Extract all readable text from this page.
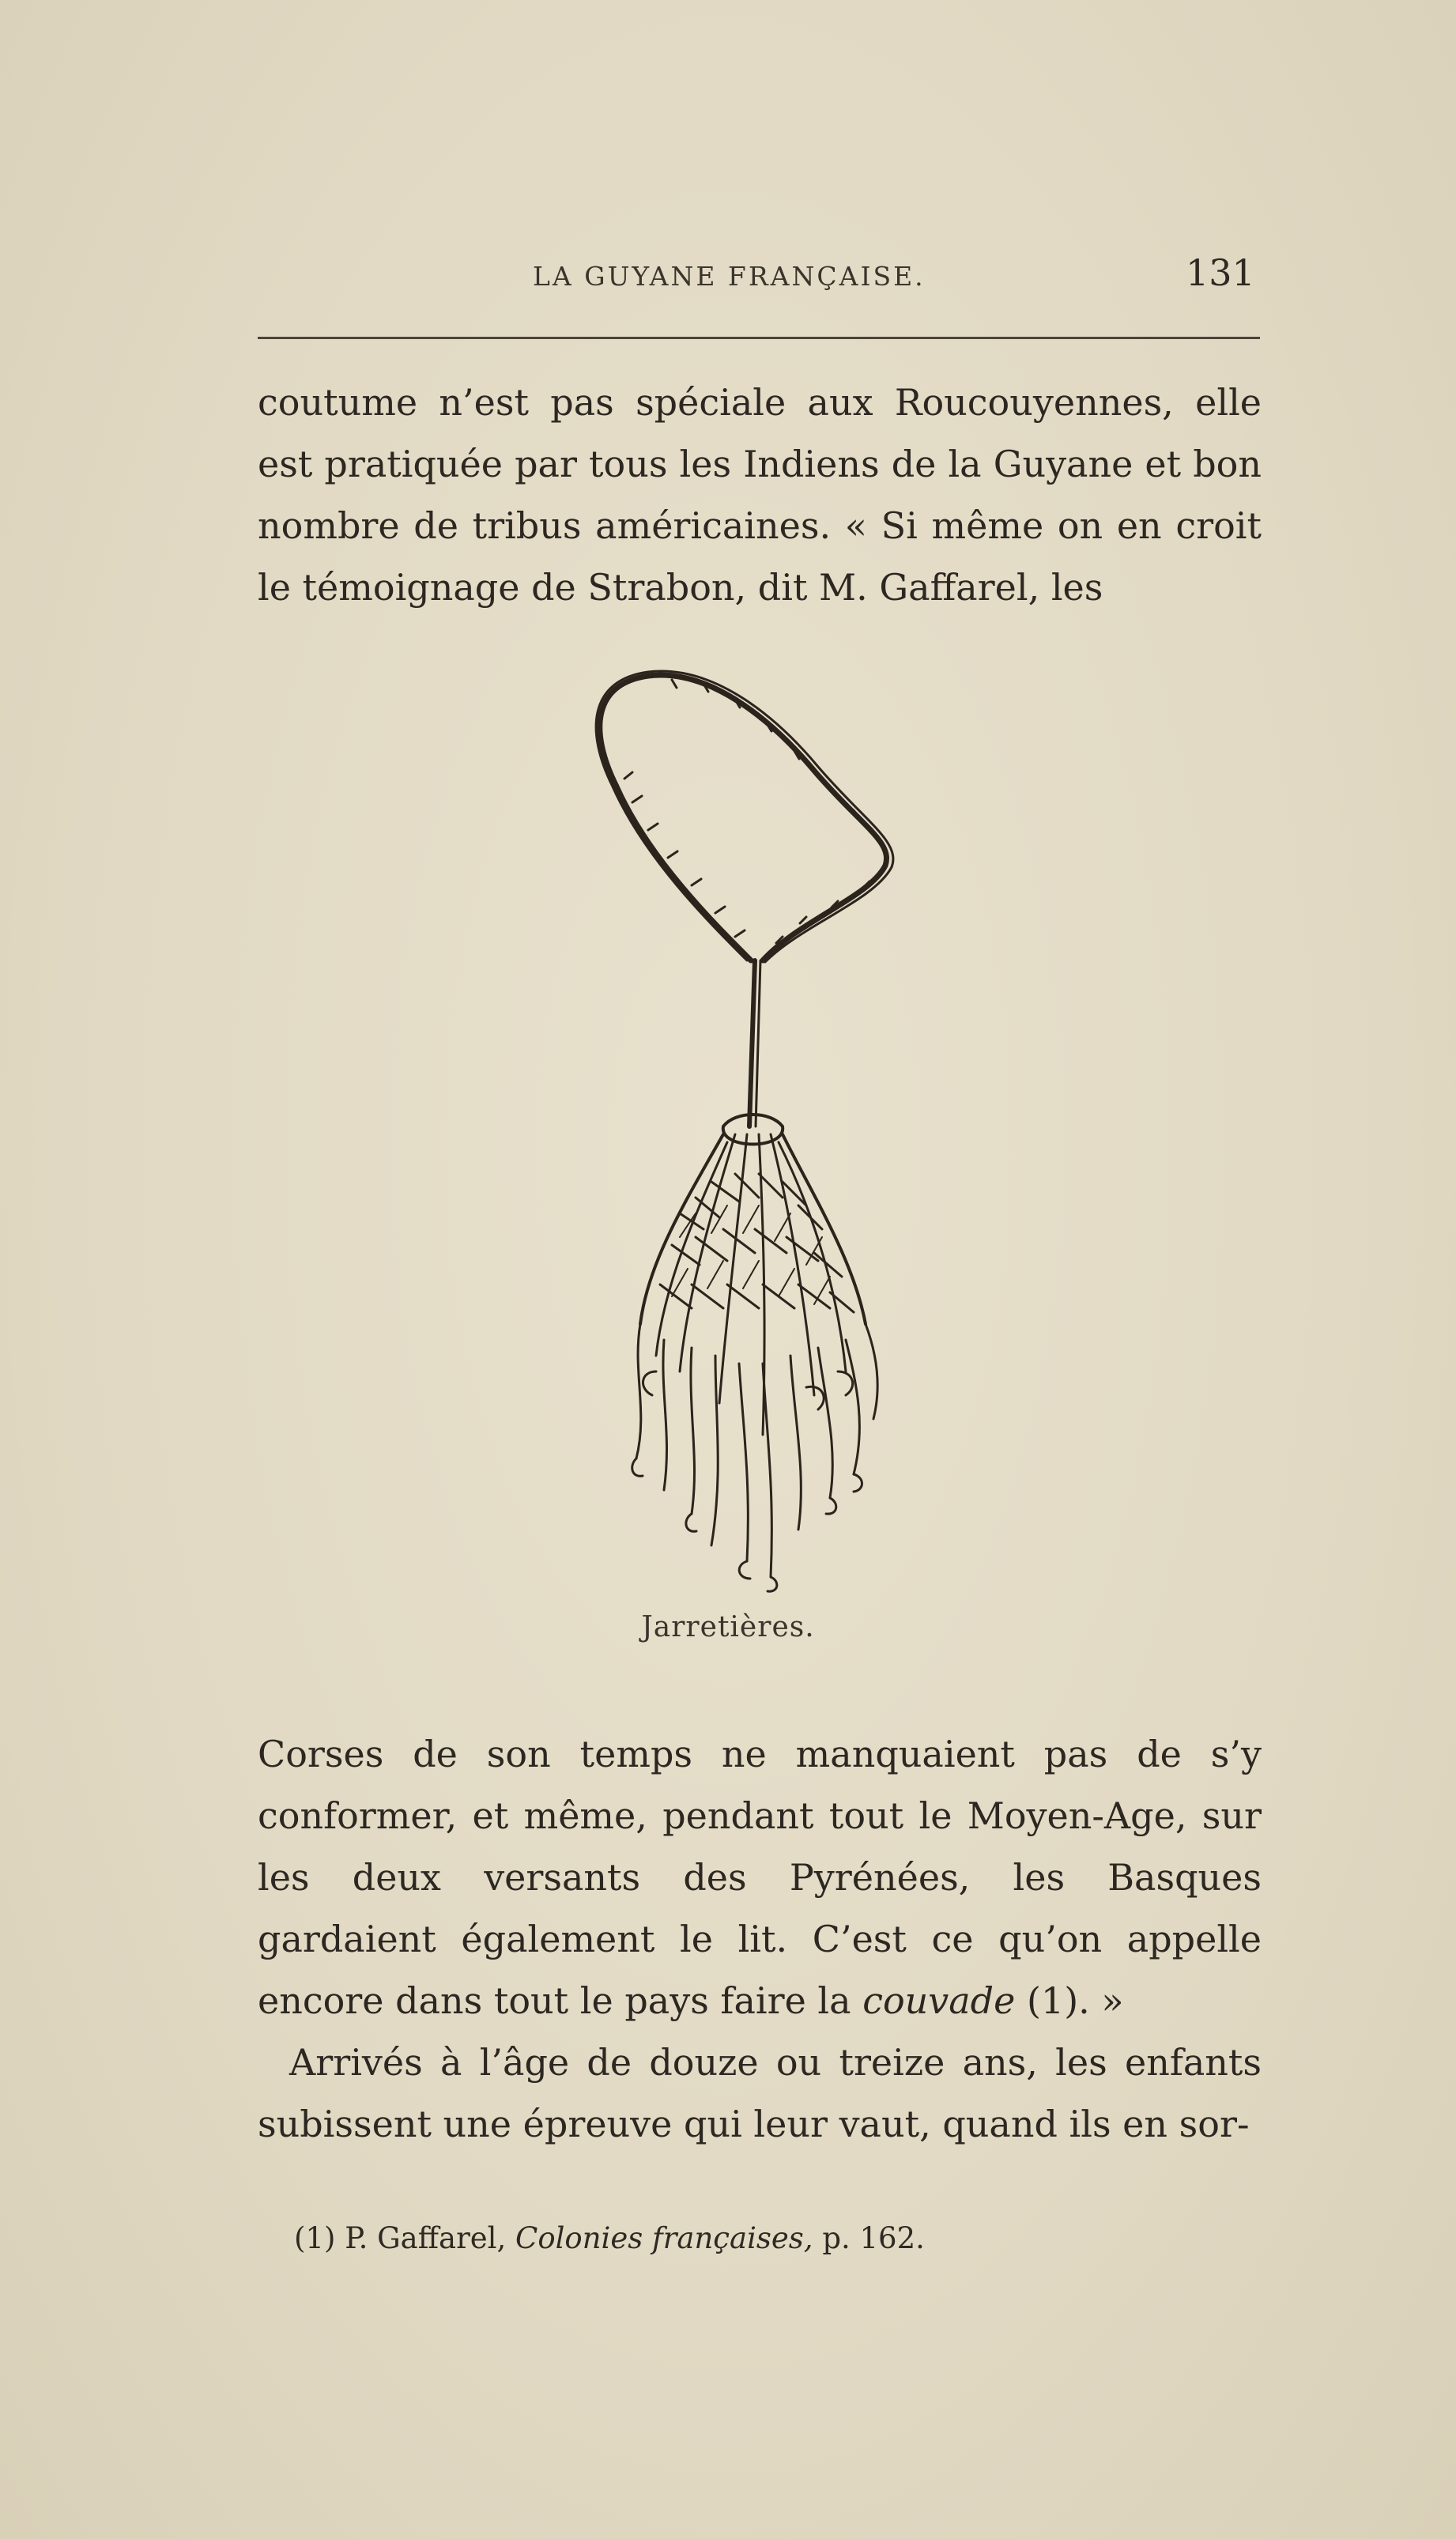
LA GUYANE FRANÇAISE.	131

coutume n’est pas spéciale aux Roucouyennes, elle est pratiquée par tous les Indiens de la Guyane et bon nombre de tribus américaines. « Si même on en croit le témoignage de Strabon, dit M. Gaffarel, les

Jarretières.

Corses de son temps ne manquaient pas de s’y conformer, et même, pendant tout le Moyen-Age, sur les deux versants des Pyrénées, les Basques gardaient également le lit. C’est ce qu’on appelle encore dans tout le pays faire la couvade (1). »

Arrivés à l’âge de douze ou treize ans, les enfants subissent une épreuve qui leur vaut, quand ils en sor-

(1) P. Gaffarel, Colonies françaises, p. 162.
